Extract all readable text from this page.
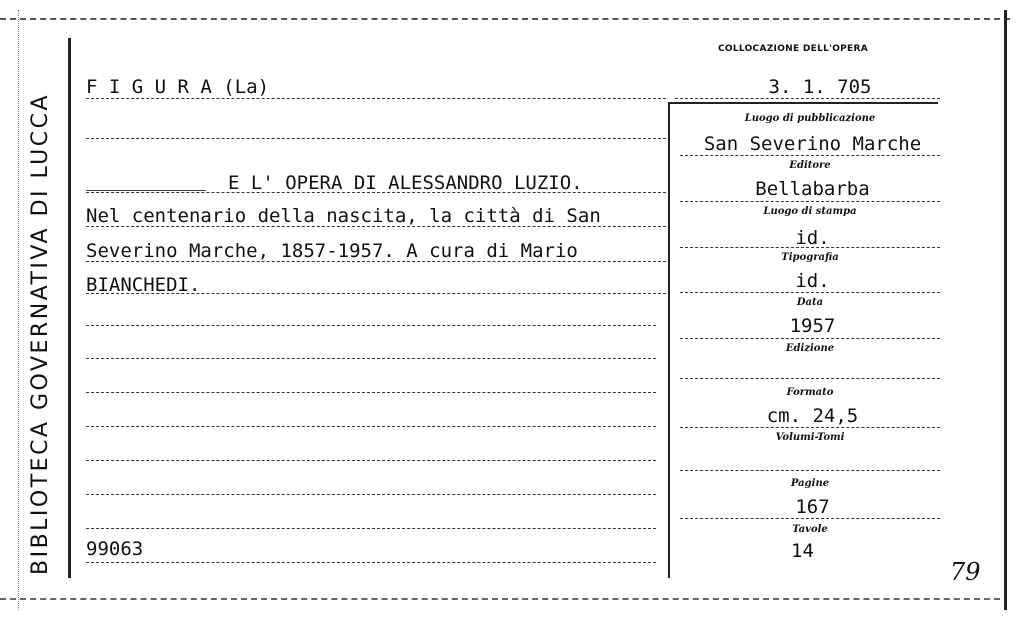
BIBLIOTECA GOVERNATIVA DI LUCCA
COLLOCAZIONE DELL'OPERA
3. 1. 705
F I G U R A (La)
E L' OPERA DI ALESSANDRO LUZIO.
Nel centenario della nascita, la città di San
Severino Marche, 1857-1957. A cura di Mario
BIANCHEDI.
99063
Luogo di pubblicazione
San Severino Marche
Editore
Bellabarba
Luogo di stampa
id.
Tipografia
id.
Data
1957
Edizione
Formato
cm. 24,5
Volumi-Tomi
Pagine
167
Tavole
14
79
